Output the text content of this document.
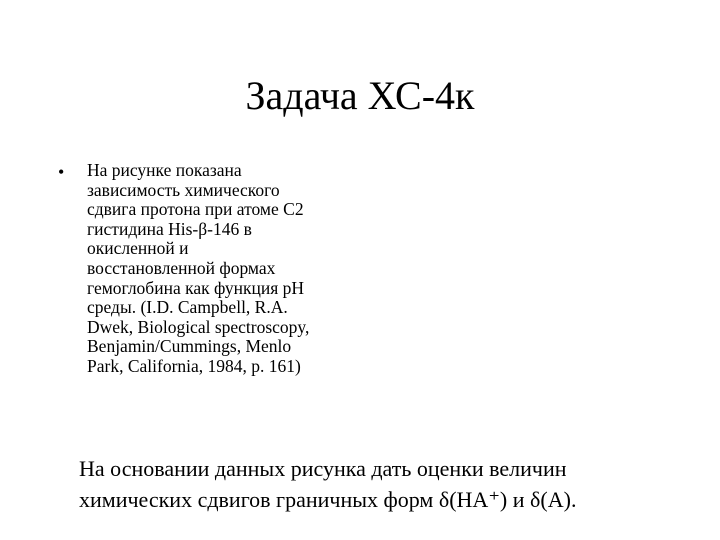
Задача ХС-4к
• На рисунке показана
зависимость химического
сдвига протона при атоме С2
гистидина His-β-146 в
окисленной и
восстановленной формах
гемоглобина как функция pH
среды. (I.D. Campbell, R.A.
Dwek, Biological spectroscopy,
Benjamin/Cummings, Menlo
Park, California, 1984, p. 161)
На основании данных рисунка дать оценки величин
химических сдвигов граничных форм δ(НА⁺) и δ(А).
